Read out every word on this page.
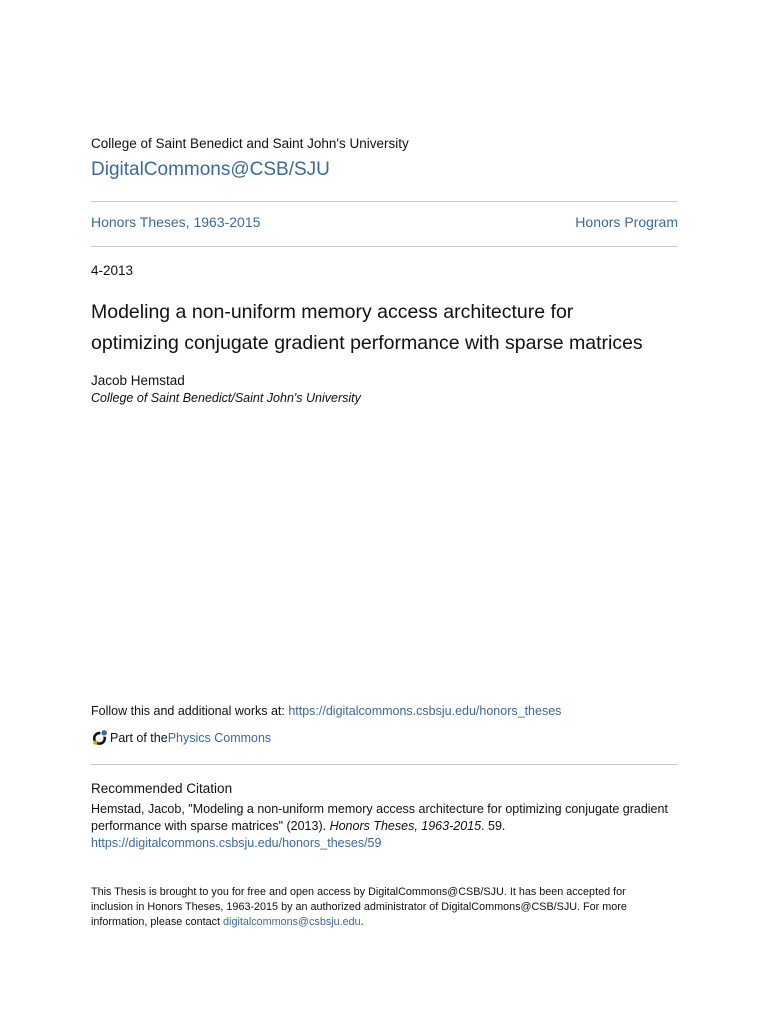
College of Saint Benedict and Saint John's University
DigitalCommons@CSB/SJU
Honors Theses, 1963-2015	Honors Program
4-2013
Modeling a non-uniform memory access architecture for
optimizing conjugate gradient performance with sparse matrices
Jacob Hemstad
College of Saint Benedict/Saint John's University
Follow this and additional works at: https://digitalcommons.csbsju.edu/honors_theses
Part of the Physics Commons
Recommended Citation
Hemstad, Jacob, "Modeling a non-uniform memory access architecture for optimizing conjugate gradient performance with sparse matrices" (2013). Honors Theses, 1963-2015. 59.
https://digitalcommons.csbsju.edu/honors_theses/59
This Thesis is brought to you for free and open access by DigitalCommons@CSB/SJU. It has been accepted for inclusion in Honors Theses, 1963-2015 by an authorized administrator of DigitalCommons@CSB/SJU. For more information, please contact digitalcommons@csbsju.edu.
